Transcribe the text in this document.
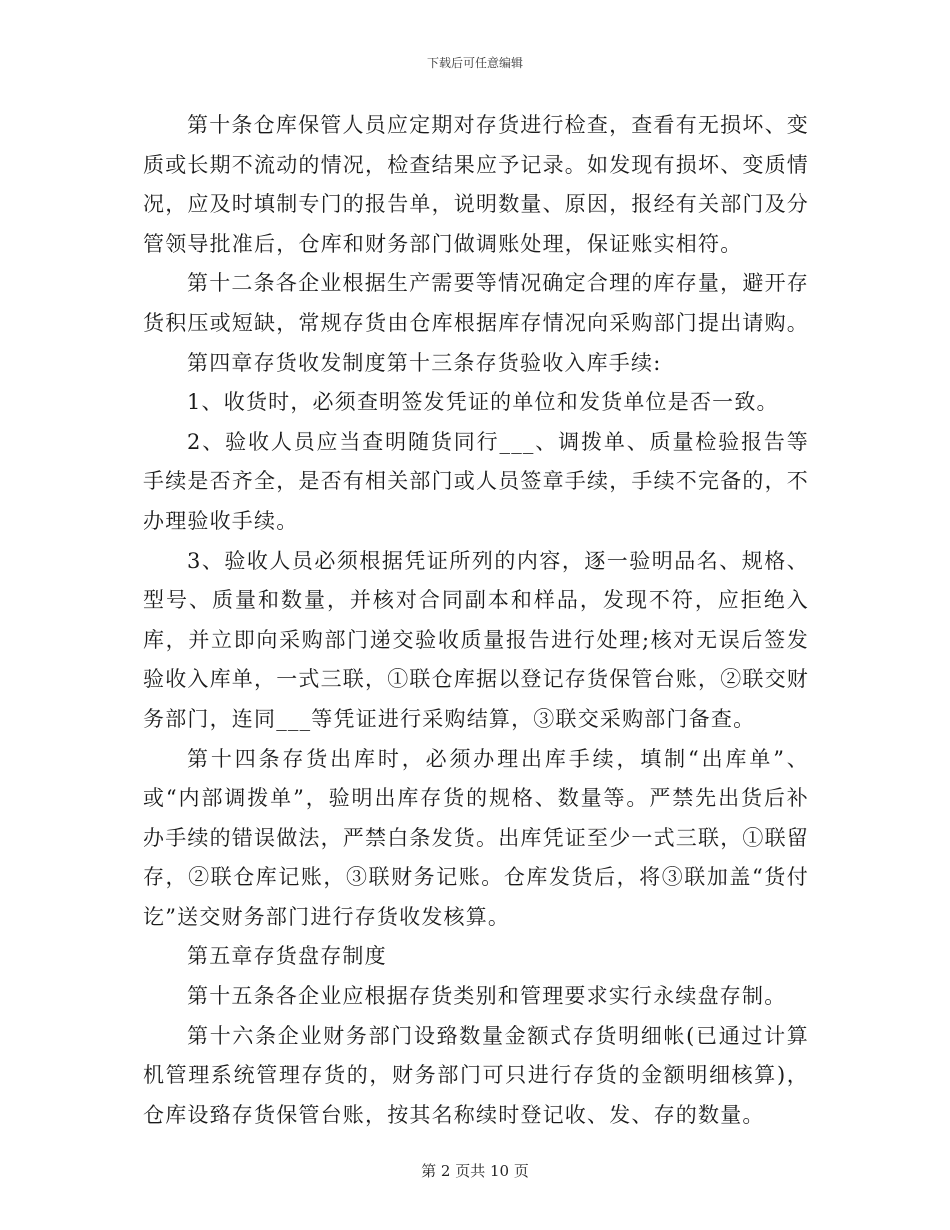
下载后可任意编辑

第十条仓库保管人员应定期对存货进行检查，查看有无损坏、变质或长期不流动的情况，检查结果应予记录。如发现有损坏、变质情况，应及时填制专门的报告单，说明数量、原因，报经有关部门及分管领导批准后，仓库和财务部门做调账处理，保证账实相符。

第十二条各企业根据生产需要等情况确定合理的库存量，避开存货积压或短缺，常规存货由仓库根据库存情况向采购部门提出请购。

第四章存货收发制度第十三条存货验收入库手续:

1、收货时，必须查明签发凭证的单位和发货单位是否一致。

2、验收人员应当查明随货同行___、调拨单、质量检验报告等手续是否齐全，是否有相关部门或人员签章手续，手续不完备的，不办理验收手续。

3、验收人员必须根据凭证所列的内容，逐一验明品名、规格、型号、质量和数量，并核对合同副本和样品，发现不符，应拒绝入库，并立即向采购部门递交验收质量报告进行处理;核对无误后签发验收入库单，一式三联，①联仓库据以登记存货保管台账，②联交财务部门，连同___等凭证进行采购结算，③联交采购部门备查。

第十四条存货出库时，必须办理出库手续，填制“出库单”、或“内部调拨单”，验明出库存货的规格、数量等。严禁先出货后补办手续的错误做法，严禁白条发货。出库凭证至少一式三联，①联留存，②联仓库记账，③联财务记账。仓库发货后，将③联加盖“货付讫”送交财务部门进行存货收发核算。

第五章存货盘存制度

第十五条各企业应根据存货类别和管理要求实行永续盘存制。

第十六条企业财务部门设臵数量金额式存货明细帐(已通过计算机管理系统管理存货的，财务部门可只进行存货的金额明细核算)，仓库设臵存货保管台账，按其名称续时登记收、发、存的数量。

第 2 页共 10 页
